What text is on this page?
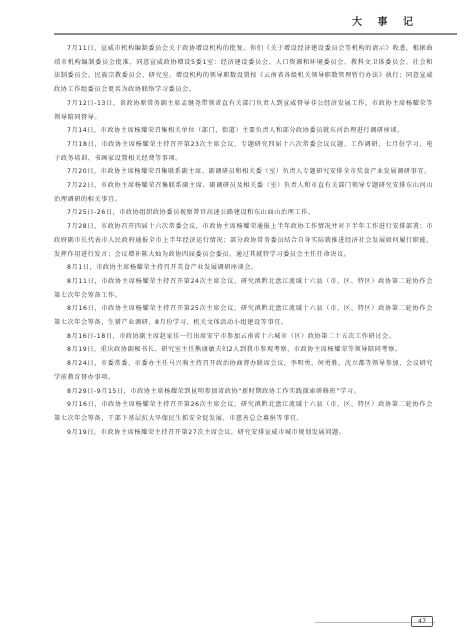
大 事 记

7月11日，宣威市机构编制委员会关于政协增设机构的批复。你们《关于增设经济建设委员会等机构的请示》收悉，根据曲靖市机构编制委员会批准，同意宣威政协增设5委1室：经济建设委员会、人口资源和环境委员会、教科文卫体委员会、社会和法制委员会、民族宗教委员会、研究室。增设机构的领导职数设置按《云南省各级机关领导职数管理暂行办法》执行；同意宣威政协工作组委员会更名为政协联络学习委员会。

7月12日-13日，省政协原常务副主席孟继尧带领省直有关部门负责人到宣威督导非公经济发展工作，市政协主席杨耀荣等领导陪同督导。

7月14日，市政协主席杨耀荣召集相关单位（部门、街道）主要负责人和部分政协委员就东河治理进行调研座谈。

7月18日，市政协主席杨耀荣主持召开第23次主席会议，专题研究四届十六次常委会议议题、工作调研、七月份学习、电子政务培训、书画家设置相关经费等事项。

7月20日，市政协主席杨耀荣召集联系副主席、副调研员和相关委（室）负责人专题研究安排全市奖食产业发展调研事宜。

7月22日，市政协主席杨耀荣召集联系副主席、副调研员及相关委（室）负责人和市直有关部门领导专题研究安排东山河山治理调研的相关事宜。

7月25日-26日，市政协组织政协委员视察普官高速公路建设和东山面山治理工作。

7月28日，市政协召开四届十六次常委会议，市政协主席杨耀荣通报上半年政协工作情况并对下半年工作进行安排部署；市政府副市长代表市人民政府通报全市上半年经济运行情况；部分政协常务委员结合自身实际就推进经济社会发展如何履行职能、发挥作用进行发言；会议增补陈大灿为政协四届委员会委员，通过其就特学习委员会主任任命决议。

8月1日，市政协主席杨耀荣主持召开美食产业发展调研座谈会。

8月11日，市政协主席杨耀荣主持召开第24次主席会议，研究滇黔北盘江流域十六县（市、区、特区）政协第二轮协作会第七次年会筹备工作。

8月16日，市政协主席杨耀荣主持召开第25次主席会议，研究滇黔北盘江流域十六县（市、区、特区）政协第二轮协作会第七次年会筹备、生猪产业调研、8月份学习、机关文体活动小组建设等事宜。

8月16日-18日，市政协副主席赵家佳一行出席安宁市参加云南省十六城市（区）政协第二十五次工作研讨会。

8月19日，重庆政协副秘书长、研究室主任熊康敏夫妇2人到我市参观考察，市政协主席杨耀荣等领导陪同考察。

8月24日，市委常委、市委办主任马兴驹主持召开政治协商督办联席会议，李明勇、何勇胜、沈立都等领导参加，会议研究学前教育督办事项。

8月29日-9月15日，市政协主席杨耀荣到昆明参加省政协“新时期政协工作实践探索研修班”学习。

9月16日，市政协主席杨耀荣主持召开第26次主席会议，研究滇黔北盘江流域十六县（市、区、特区）政协第二轮协作会第七次年会筹备、干部下基层抗大旱保民生抓安全促发展、市慈善总会募捐等事宜。

9月19日，市政协主席杨耀荣主持召开第27次主席会议，研究安排宣威市城市规划发展问题。

47
